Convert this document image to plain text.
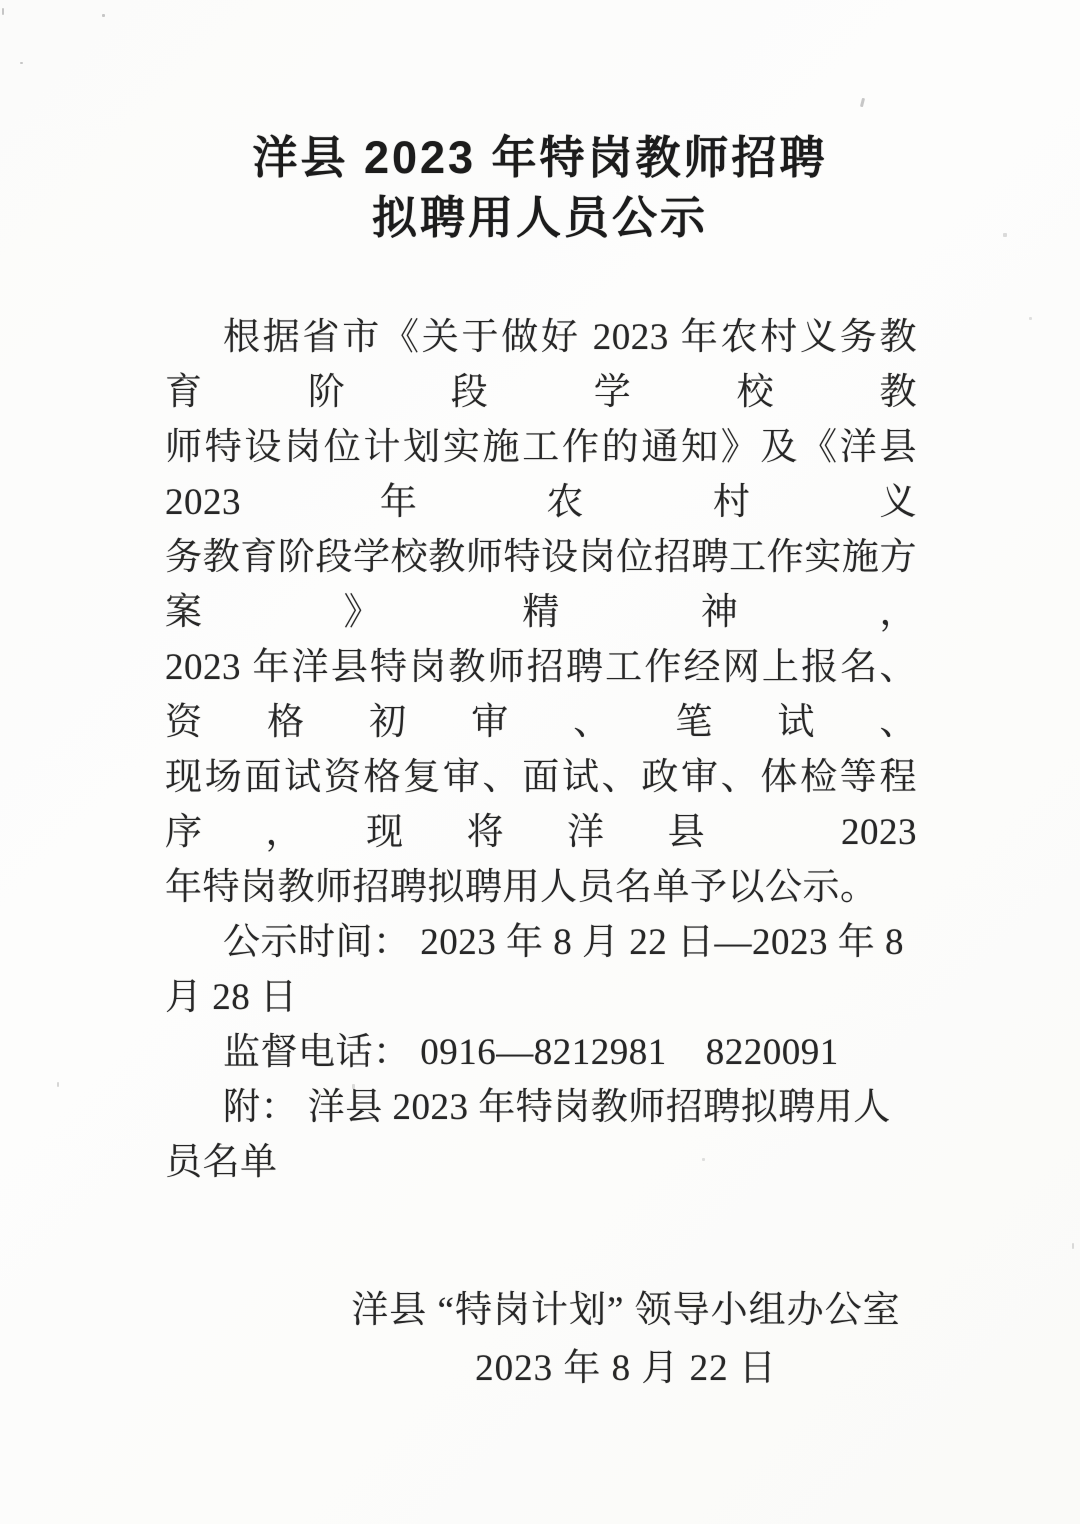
洋县 2023 年特岗教师招聘
拟聘用人员公示
根据省市《关于做好 2023 年农村义务教育阶段学校教
师特设岗位计划实施工作的通知》及《洋县 2023 年农村义
务教育阶段学校教师特设岗位招聘工作实施方案》精神，
2023 年洋县特岗教师招聘工作经网上报名、资格初审、笔试、
现场面试资格复审、面试、政审、体检等程序，现将洋县 2023
年特岗教师招聘拟聘用人员名单予以公示。
公示时间： 2023 年 8 月 22 日—2023 年 8 月 28 日
监督电话： 0916—8212981    8220091
附： 洋县 2023 年特岗教师招聘拟聘用人员名单
洋县 “特岗计划” 领导小组办公室
2023 年 8 月 22 日
